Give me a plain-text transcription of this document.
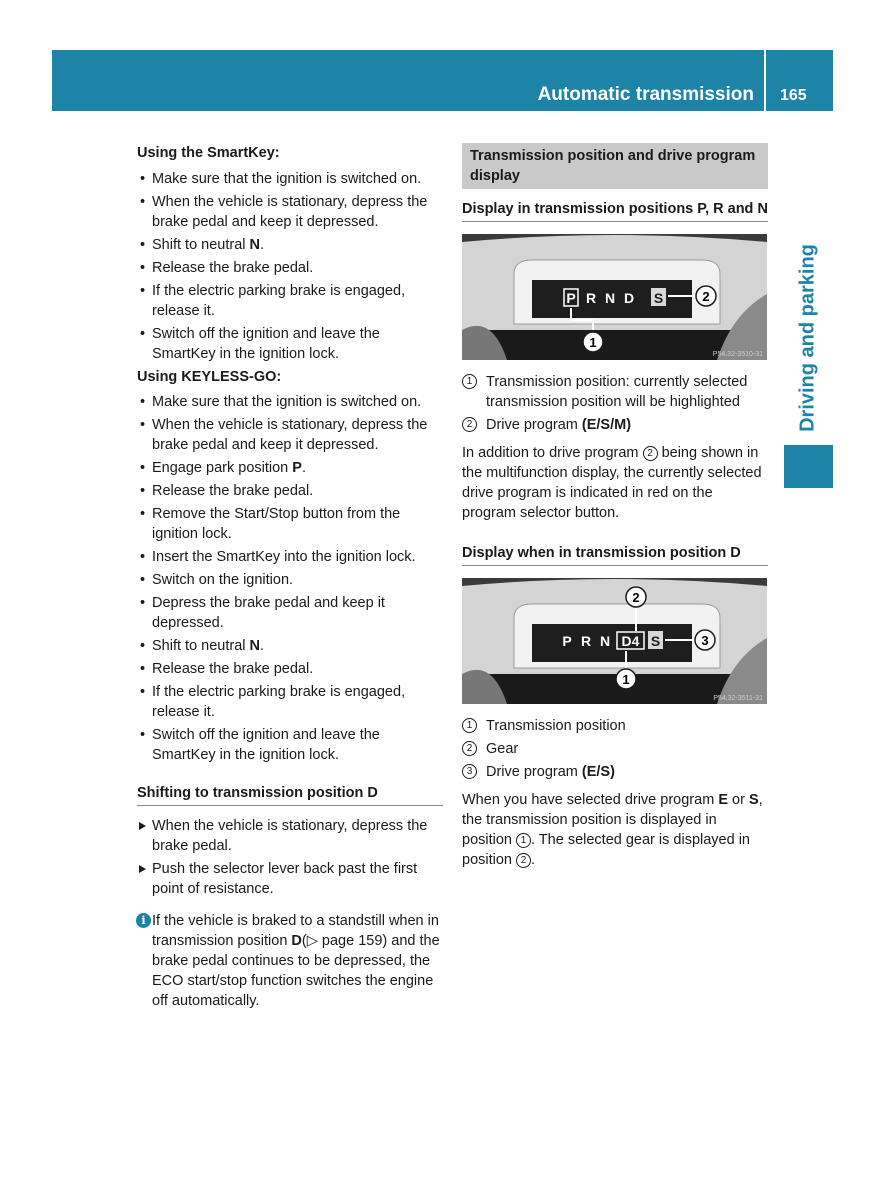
Automatic transmission 165
Driving and parking
Using the SmartKey:
• Make sure that the ignition is switched on.
• When the vehicle is stationary, depress the brake pedal and keep it depressed.
• Shift to neutral N.
• Release the brake pedal.
• If the electric parking brake is engaged, release it.
• Switch off the ignition and leave the SmartKey in the ignition lock.
Using KEYLESS-GO:
• Make sure that the ignition is switched on.
• When the vehicle is stationary, depress the brake pedal and keep it depressed.
• Engage park position P.
• Release the brake pedal.
• Remove the Start/Stop button from the ignition lock.
• Insert the SmartKey into the ignition lock.
• Switch on the ignition.
• Depress the brake pedal and keep it depressed.
• Shift to neutral N.
• Release the brake pedal.
• If the electric parking brake is engaged, release it.
• Switch off the ignition and leave the SmartKey in the ignition lock.
Shifting to transmission position D
When the vehicle is stationary, depress the brake pedal.
Push the selector lever back past the first point of resistance.
i If the vehicle is braked to a standstill when in transmission position D(▷ page 159) and the brake pedal continues to be depressed, the ECO start/stop function switches the engine off automatically.
Transmission position and drive program display
Display in transmission positions P, R and N
P R N D S	2
1
P54.32-3510-31
1 Transmission position: currently selected transmission position will be highlighted
2 Drive program (E/S/M)
In addition to drive program 2 being shown in the multifunction display, the currently selected drive program is indicated in red on the program selector button.
Display when in transmission position D
P R N D4 S	3
2
1
P54.32-3511-31
1 Transmission position
2 Gear
3 Drive program (E/S)
When you have selected drive program E or S, the transmission position is displayed in position 1 . The selected gear is displayed in position 2 .
